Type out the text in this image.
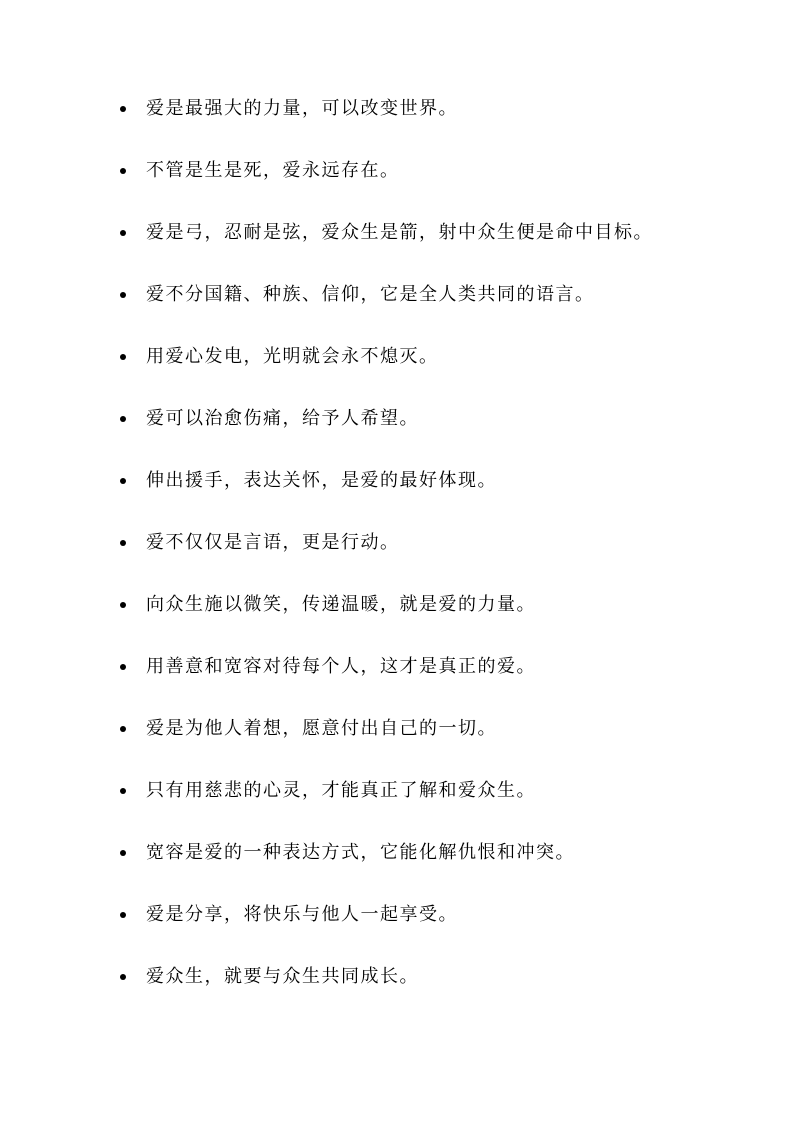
爱是最强大的力量，可以改变世界。
不管是生是死，爱永远存在。
爱是弓，忍耐是弦，爱众生是箭，射中众生便是命中目标。
爱不分国籍、种族、信仰，它是全人类共同的语言。
用爱心发电，光明就会永不熄灭。
爱可以治愈伤痛，给予人希望。
伸出援手，表达关怀，是爱的最好体现。
爱不仅仅是言语，更是行动。
向众生施以微笑，传递温暖，就是爱的力量。
用善意和宽容对待每个人，这才是真正的爱。
爱是为他人着想，愿意付出自己的一切。
只有用慈悲的心灵，才能真正了解和爱众生。
宽容是爱的一种表达方式，它能化解仇恨和冲突。
爱是分享，将快乐与他人一起享受。
爱众生，就要与众生共同成长。
